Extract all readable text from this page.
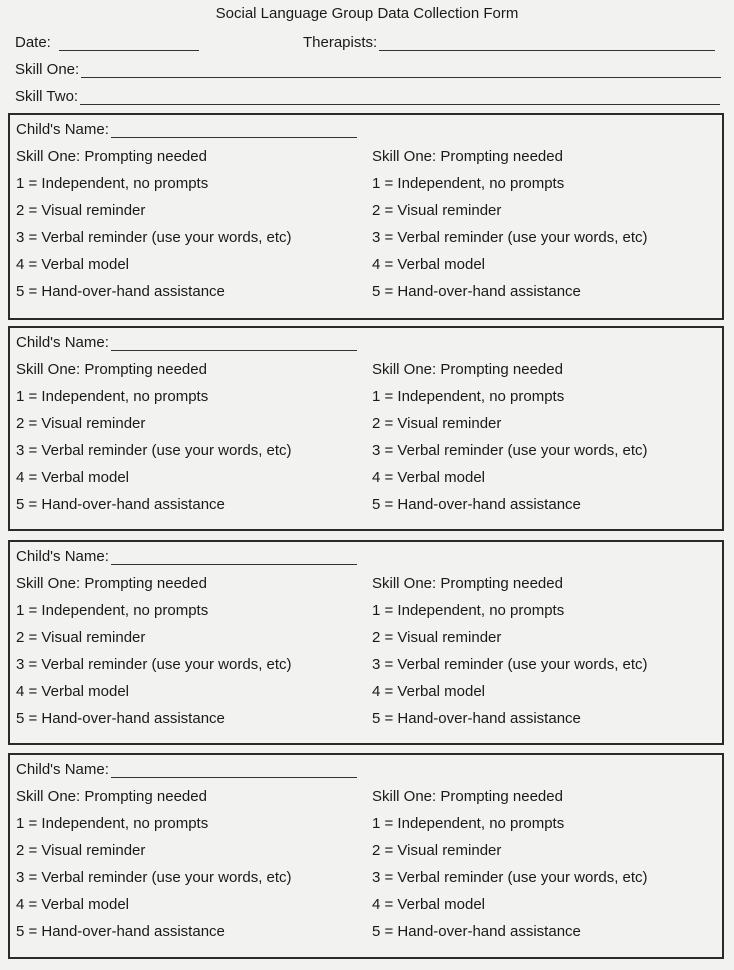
Social Language Group Data Collection Form
Date:	Therapists:
Skill One:
Skill Two:
Child's Name:
Skill One: Prompting needed
1 = Independent, no prompts
2 = Visual reminder
3 = Verbal reminder (use your words, etc)
4 = Verbal model
5 = Hand-over-hand assistance
Skill One: Prompting needed
1 = Independent, no prompts
2 = Visual reminder
3 = Verbal reminder (use your words, etc)
4 = Verbal model
5 = Hand-over-hand assistance
Child's Name:
Skill One: Prompting needed
1 = Independent, no prompts
2 = Visual reminder
3 = Verbal reminder (use your words, etc)
4 = Verbal model
5 = Hand-over-hand assistance
Skill One: Prompting needed
1 = Independent, no prompts
2 = Visual reminder
3 = Verbal reminder (use your words, etc)
4 = Verbal model
5 = Hand-over-hand assistance
Child's Name:
Skill One: Prompting needed
1 = Independent, no prompts
2 = Visual reminder
3 = Verbal reminder (use your words, etc)
4 = Verbal model
5 = Hand-over-hand assistance
Skill One: Prompting needed
1 = Independent, no prompts
2 = Visual reminder
3 = Verbal reminder (use your words, etc)
4 = Verbal model
5 = Hand-over-hand assistance
Child's Name:
Skill One: Prompting needed
1 = Independent, no prompts
2 = Visual reminder
3 = Verbal reminder (use your words, etc)
4 = Verbal model
5 = Hand-over-hand assistance
Skill One: Prompting needed
1 = Independent, no prompts
2 = Visual reminder
3 = Verbal reminder (use your words, etc)
4 = Verbal model
5 = Hand-over-hand assistance
